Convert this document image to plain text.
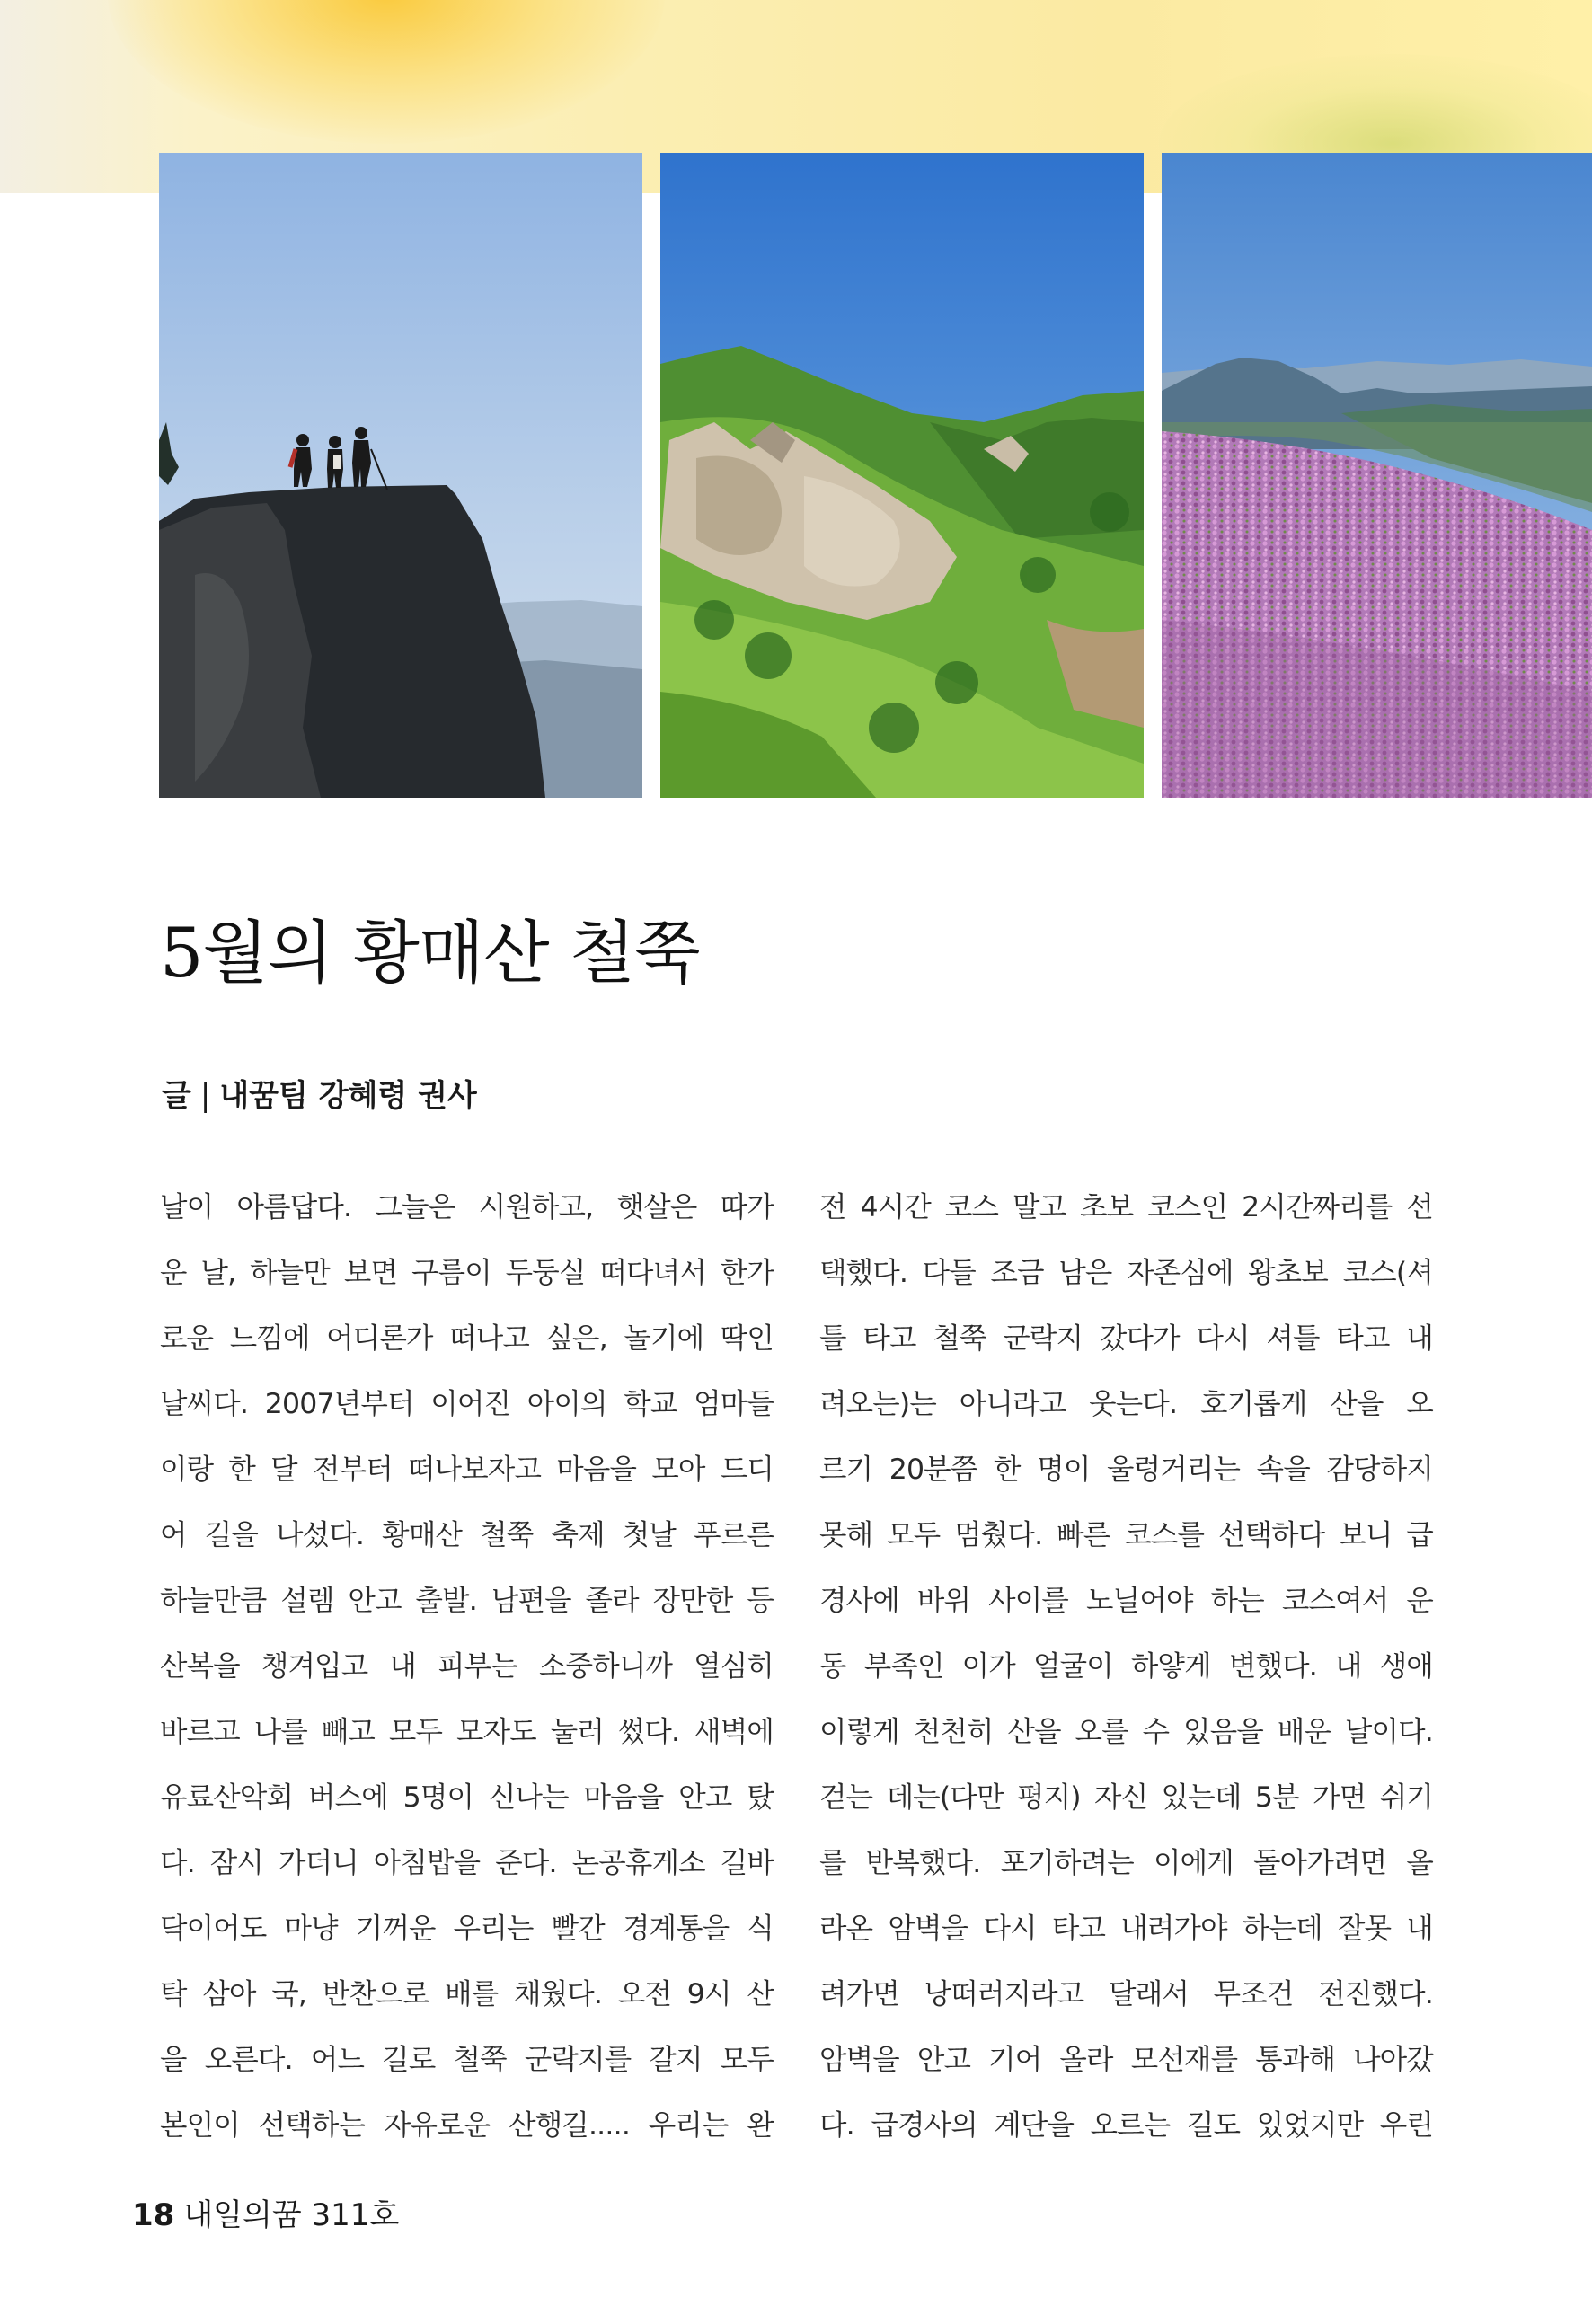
5월의 황매산 철쭉
글 | 내꿈팀 강혜령 권사
날이 아름답다. 그늘은 시원하고, 햇살은 따가
운 날, 하늘만 보면 구름이 두둥실 떠다녀서 한가
로운 느낌에 어디론가 떠나고 싶은, 놀기에 딱인
날씨다. 2007년부터 이어진 아이의 학교 엄마들
이랑 한 달 전부터 떠나보자고 마음을 모아 드디
어 길을 나섰다. 황매산 철쭉 축제 첫날 푸르른
하늘만큼 설렘 안고 출발. 남편을 졸라 장만한 등
산복을 챙겨입고 내 피부는 소중하니까 열심히
바르고 나를 빼고 모두 모자도 눌러 썼다. 새벽에
유료산악회 버스에 5명이 신나는 마음을 안고 탔
다. 잠시 가더니 아침밥을 준다. 논공휴게소 길바
닥이어도 마냥 기꺼운 우리는 빨간 경계통을 식
탁 삼아 국, 반찬으로 배를 채웠다. 오전 9시 산
을 오른다. 어느 길로 철쭉 군락지를 갈지 모두
본인이 선택하는 자유로운 산행길..... 우리는 완
전 4시간 코스 말고 초보 코스인 2시간짜리를 선
택했다. 다들 조금 남은 자존심에 왕초보 코스(셔
틀 타고 철쭉 군락지 갔다가 다시 셔틀 타고 내
려오는)는 아니라고 웃는다. 호기롭게 산을 오
르기 20분쯤 한 명이 울렁거리는 속을 감당하지
못해 모두 멈췄다. 빠른 코스를 선택하다 보니 급
경사에 바위 사이를 노닐어야 하는 코스여서 운
동 부족인 이가 얼굴이 하얗게 변했다. 내 생애
이렇게 천천히 산을 오를 수 있음을 배운 날이다.
걷는 데는(다만 평지) 자신 있는데 5분 가면 쉬기
를 반복했다. 포기하려는 이에게 돌아가려면 올
라온 암벽을 다시 타고 내려가야 하는데 잘못 내
려가면 낭떠러지라고 달래서 무조건 전진했다.
암벽을 안고 기어 올라 모선재를 통과해 나아갔
다. 급경사의 계단을 오르는 길도 있었지만 우린
18 내일의꿈 311호
